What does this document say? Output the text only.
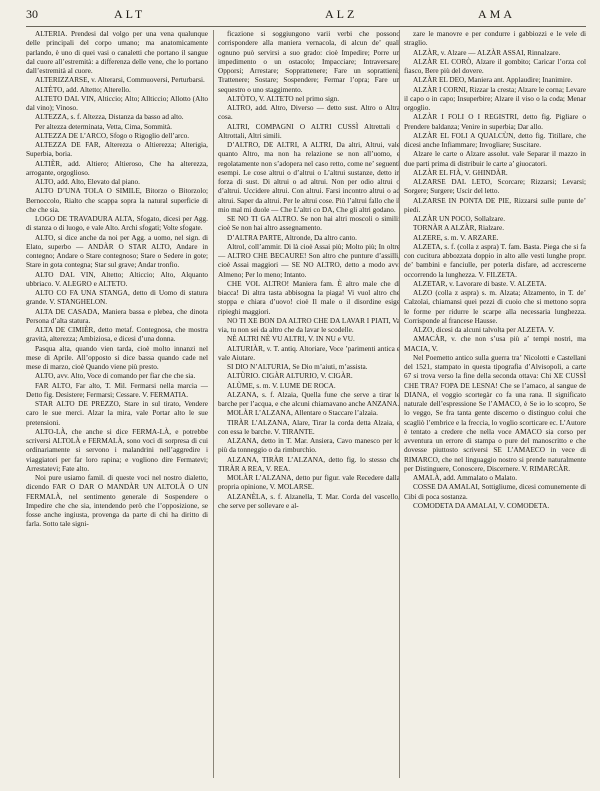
30	ALT	ALZ	AMA

ALTERIA. Prendesi dal volgo per una vena qualunque delle principali del corpo umano; ma anatomicamente parlando, è uno di quei vasi o canaletti che portano il sangue dal cuore all’estremità: a differenza delle vene, che lo portano dall’estremità al cuore.

ALTERIZZARSE, v. Alterarsi, Commuoversi, Perturbarsi.

ALTÈTO, add. Altetto; Alterello.

ALTETO DAL VIN, Alticcio; Alto; Allticcio; Allotto (Alto dal vino); Vinoso.

ALTEZZA, s. f. Altezza, Distanza da basso ad alto.

Per altezza determinata, Vetta, Cima, Sommità.

ALTEZZA DE L’ARCO, Sfogo o Rigoglio dell’arco.

ALTEZZA DE FAR, Alterezza o Altierezza; Alterigia, Superbia, boria.

ALTIÈR, add. Altiero; Altieroso, Che ha alterezza, arrogante, orgoglioso.

ALTO, add. Alto, Elevato dal piano.

ALTO D’UNA TOLA O SIMILE, Bitorzo o Bitorzolo; Bernoccolo, Rialto che scappa sopra la natural superficie di che che sia.

LOGO DE TRAVADURA ALTA, Sfogato, dicesi per Agg. di stanza o di luogo, e vale Alto. Archi sfogati; Volte sfogate.

ALTO, si dice anche da noi per Agg. a uomo, nel sign. di Elato, superbo — ANDÀR O STAR ALTO, Andare in contegno; Andare o Stare contegnoso; Stare o Sedere in gote; Stare in gota contegna; Star sul grave; Andar tronfio.

ALTO DAL VIN, Altetto; Alticcio; Alto, Alquanto ubbriaco. V. ALEGRO e ALTETO.

ALTO CO FA UNA STANGA, detto di Uomo di statura grande. V. STANGHELON.

ALTA DE CASADA, Maniera bassa e plebea, che dinota Persona d’alta statura.

ALTA DE CIMIÈR, detto metaf. Contegnosa, che mostra gravità, alterezza; Ambiziosa, e dicesi d’una donna.

Pasqua alta, quando vien tarda, cioè molto innanzi nel mese di Aprile. All’opposto si dice bassa quando cade nel mese di marzo, cioè Quando viene più presto.

ALTO, avv. Alto, Voce di comando per fiar che che sia.

FAR ALTO, Far alto, T. Mil. Fermarsi nella marcia — Detto fig. Desistere; Fermarsi; Cessare. V. FERMATIA.

STAR ALTO DE PREZZO, Stare in sul tirato, Vendere caro le sue merci. Alzar la mira, vale Portar alto le sue pretensioni.

ALTO-LÀ, che anche si dice FERMA-LÀ, e potrebbe scriversi ALTOLÀ e FERMALÀ, sono voci di sorpresa di cui ordinariamente si servono i malandrini nell’aggredire i viaggiatori per far loro rapina; e vogliono dire Fermatevi; Arrestatevi; Fate alto.

Noi pure usiamo famil. di queste voci nel nostro dialetto, dicendo FAR O DAR O MANDÀR UN ALTOLÀ O UN FERMALÀ, nel sentimento generale di Sospendere o Impedire che che sia, intendendo però che l’opposizione, se fosse anche ingiusta, provenga da parte di chi ha diritto di farla. Sotto tale signi-

ficazione si soggiungono varii verbi che possono corrispondere alla maniera vernacola, di alcun de’ quali ognuno può servirsi a suo grado: cioè Impedire; Porre un impedimento o un ostacolo; Impacciare; Intraversare; Opporsi; Arrestare; Sopprattenere; Fare un soprattieni; Trattenere; Sostare; Sospendere; Fermar l’opra; Fare un sequestro o uno staggimento.

ALTÒTO, V. ALTETO nel primo sign.

ALTRO, add. Altro, Diverso — detto sust. Altro o Altra cosa.

ALTRI, COMPAGNI O ALTRI CUSSÌ Altrettali o Altrottali, Altri simili.

D’ALTRO, DE ALTRI, A ALTRI, Da altri, Altrui, vale quanto Altro, ma non ha relazione se non all’uomo, e regolatamente non s’adopera nel caso retto, come ne’ seguenti esempi. Le cose altrui o d’altrui o L’altrui sustanze, detto in forza di sust. Di altrui o ad altrui. Non per odio altrui o d’altrui. Uccidere altrui. Con altrui. Farsi incontro altrui o ad altrui. Saper da altrui. Per le altrui cose. Più l’altrui fallo che il mio mal mi duole — Che L’altri co DA, Che gli altri godano.

SE NO TI GA ALTRO. Se non hai altri moscoli o simili: cioè Se non hai altro assegnamento.

D’ALTRA PARTE, Altronde, Da altro canto.

Altrol, coll’ammir. Di là cioè Assai più; Molto più; In oltre — ALTRO CHE BECAURE! Son altro che punture d’assilli, cioè Assai maggiori — SE NO ALTRO, detto a modo avv. Almeno; Per lo meno; Intanto.

CHE VOL ALTRO! Maniera fam. È altro male che di biacca! Di altra tasta abbisogna la piaga! Vi vuol altro che stoppa e chiara d’uovo! cioè Il male o il disordine esige ripieghi maggiori.

NO TI XE BON DA ALTRO CHE DA LAVAR I PIATI, Va via, tu non sei da altro che da lavar le scodelle.

NÈ ALTRI NÈ VU ALTRI, V. IN NU e VU.

ALTURIÀR, v. T. antiq. Altoriare, Voce ’parimenti antica e vale Aiutare.

SI DIO N’ALTURIA, Se Dio m’aiuti, m’assista.

ALTÙRIO. CIGÀR ALTURIO, V. CIGÀR.

ALÙME, s. m. V. LUME DE ROCA.

ALZANA, s. f. Alzaia, Quella fune che serve a tirar le barche per l’acqua, e che alcuni chiamavano anche ANZANA.

MOLÀR L’ALZANA, Allentare o Staccare l’alzaia.

TIRÀR L’ALZANA, Alare, Tirar la corda detta Alzaia, e con essa le barche. V. TIRANTE.

ALZANA, detto in T. Mar. Ansiera, Cavo manesco per lo più da tonneggio o da rimburchio.

ALZANA, TIRÀR L’ALZANA, detto fig. lo stesso che TIRÀR A REA, V. REA.

MOLÀR L’ALZANA, detto pur figur. vale Recedere dalla propria opinione, V. MOLARSE.

ALZANÈLA, s. f. Alzanella, T. Mar. Corda del vascello, che serve per sollevare e al-

zare le manovre e per condurre i gabbiozzi e le vele di straglio.

ALZÀR, v. Alzare — ALZÀR ASSAI, Rinnalzare.

ALZÀR EL CORÒ, Alzare il gombito; Caricar l’orza col fiasco, Bere più del dovere.

ALZÀR EL DEO, Maniera ant. Applaudire; Inanimire.

ALZÀR I CORNI, Rizzar la cresta; Alzare le corna; Levare il capo o in capo; Insuperbire; Alzare il viso o la coda; Menar orgoglio.

ALZÀR I FOLI O I REGISTRI, detto fig. Pigliare o Prendere baldanza; Venire in superbia; Dar allo.

ALZÀR EL FOLI A QUALCÙN, detto fig. Titillare, che dicesi anche Infiammare; Invogliare; Suscitare.

Alzare le carte o Alzare assolut. vale Separar il mazzo in due parti prima di distribuir le carte a’ giuocatori.

ALZÀR EL FIÀ, V. GHINDÀR.

ALZARSE DAL LETO, Scorcare; Rizzarsi; Levarsi; Sorgere; Surgere; Uscir del letto.

ALZARSE IN PONTA DE PIE, Rizzarsi sulle punte de’ piedi.

ALZÀR UN POCO, Sollalzare.

TORNÀR A ALZÀR, Rialzare.

ALZERE, s. m. V. ARZARE.

ALZETA, s. f. (colla z aspra) T. fam. Basta. Piega che si fa con cucitura abbozzata doppio in alto alle vesti lunghe propr. de’ bambini e fanciulle, per poterla disfare, ad accrescerne occorrendo la lunghezza. V. FILZETA.

ALZETAR, v. Lavorare di baste. V. ALZETA.

ALZO (colla z aspra) s. m. Alzata; Alzamento, in T. de’ Calzolai, chiamansi quei pezzi di cuoio che si mettono sopra le forme per ridurre le scarpe alla necessaria lunghezza. Corrisponde al francese Hausse.

ALZO, dicesi da alcuni talvolta per ALZETA. V.

AMACÀR, v. che non s’usa più a’ tempi nostri, ma MACIA, V.

Nel Poemetto antico sulla guerra tra’ Nicolotti e Castellani del 1521, stampato in questa tipografia d’Alvisopoli, a carte 67 si trova verso la fine della seconda ottava: Chi XE CUSSÌ CHE TRA? FOPA DE LESNA! Che se l’amaco, al sangue de DIANA, el voggio scortegàr co fa una rana. Il significato naturale dell’espressione Se l’AMACO, è Se io lo scopro, Se lo veggo, Se fra tanta gente discerno o distinguo colui che scagliò l’embrice e la freccia, lo voglio scorticare ec. L’Autore è tentato a credere che nella voce AMACO sia corso per avventura un errore di stampa o pure del manoscritto e che dovesse piuttosto scriversi SE L’AMAECO in vece di RIMARCO, che nel linguaggio nostro si prende naturalmente per Distinguere, Conoscere, Discernere. V. RIMARCÀR.

AMALÀ, add. Ammalato o Malato.

COSSE DA AMALAI, Sottigliume, dicesi comunemente di Cibi di poca sostanza.

COMODETA DA AMALAI, V. COMODETA.
